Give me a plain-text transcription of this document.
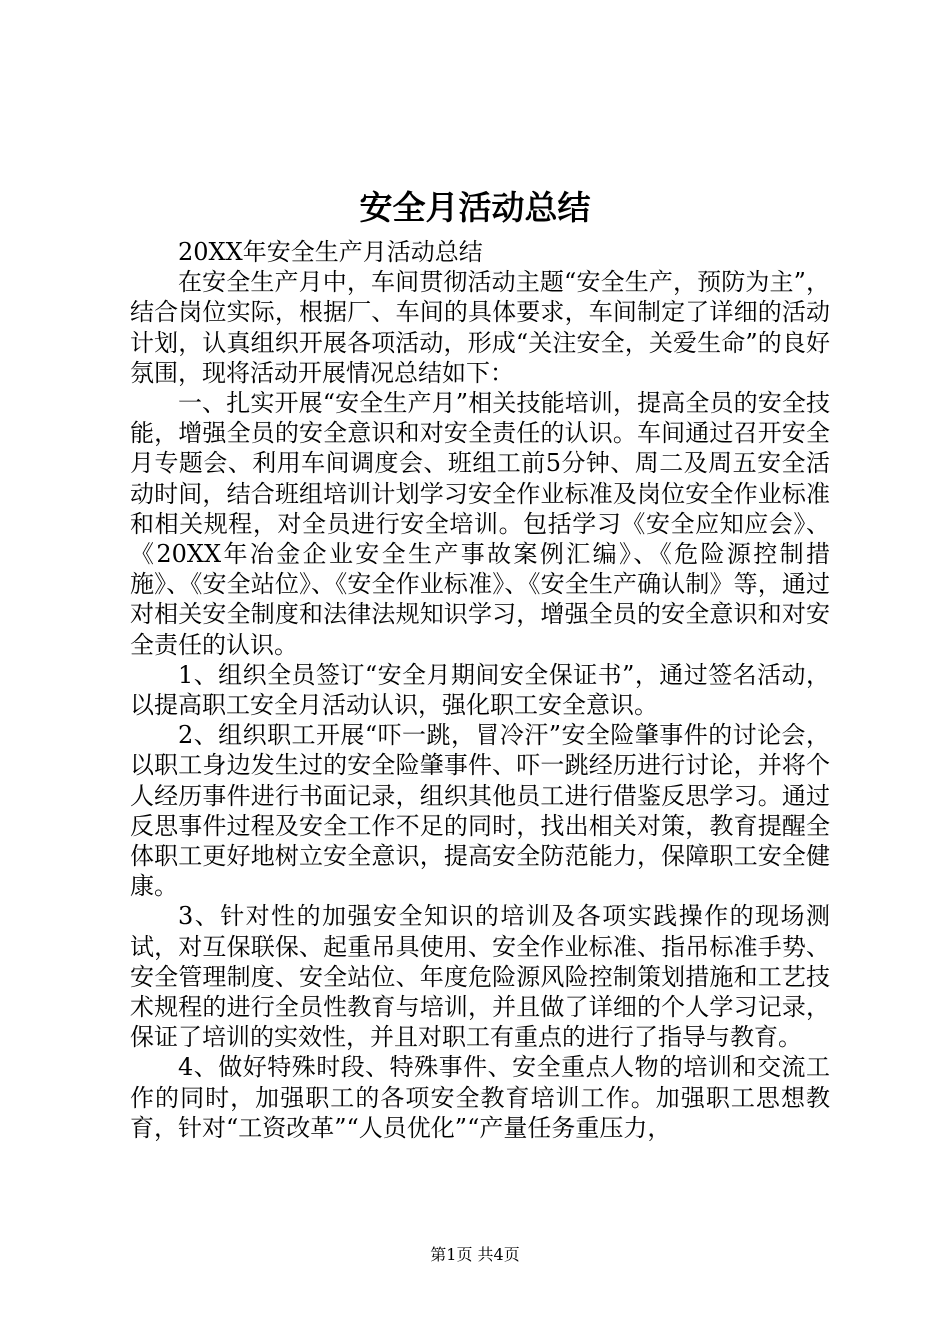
安全月活动总结

20XX年安全生产月活动总结

在安全生产月中，车间贯彻活动主题“安全生产，预防为主”，结合岗位实际，根据厂、车间的具体要求，车间制定了详细的活动计划，认真组织开展各项活动，形成“关注安全，关爱生命”的良好氛围，现将活动开展情况总结如下：

一、扎实开展“安全生产月”相关技能培训，提高全员的安全技能，增强全员的安全意识和对安全责任的认识。车间通过召开安全月专题会、利用车间调度会、班组工前5分钟、周二及周五安全活动时间，结合班组培训计划学习安全作业标准及岗位安全作业标准和相关规程，对全员进行安全培训。包括学习《安全应知应会》、《20XX年冶金企业安全生产事故案例汇编》、《危险源控制措施》、《安全站位》、《安全作业标准》、《安全生产确认制》等，通过对相关安全制度和法律法规知识学习，增强全员的安全意识和对安全责任的认识。

1、组织全员签订“安全月期间安全保证书”，通过签名活动，以提高职工安全月活动认识，强化职工安全意识。

2、组织职工开展“吓一跳，冒冷汗”安全险肇事件的讨论会，以职工身边发生过的安全险肇事件、吓一跳经历进行讨论，并将个人经历事件进行书面记录，组织其他员工进行借鉴反思学习。通过反思事件过程及安全工作不足的同时，找出相关对策，教育提醒全体职工更好地树立安全意识，提高安全防范能力，保障职工安全健康。

3、针对性的加强安全知识的培训及各项实践操作的现场测试，对互保联保、起重吊具使用、安全作业标准、指吊标准手势、安全管理制度、安全站位、年度危险源风险控制策划措施和工艺技术规程的进行全员性教育与培训，并且做了详细的个人学习记录，保证了培训的实效性，并且对职工有重点的进行了指导与教育。

4、做好特殊时段、特殊事件、安全重点人物的培训和交流工作的同时，加强职工的各项安全教育培训工作。加强职工思想教育，针对“工资改革”“人员优化”“产量任务重压力，

第1页 共4页
